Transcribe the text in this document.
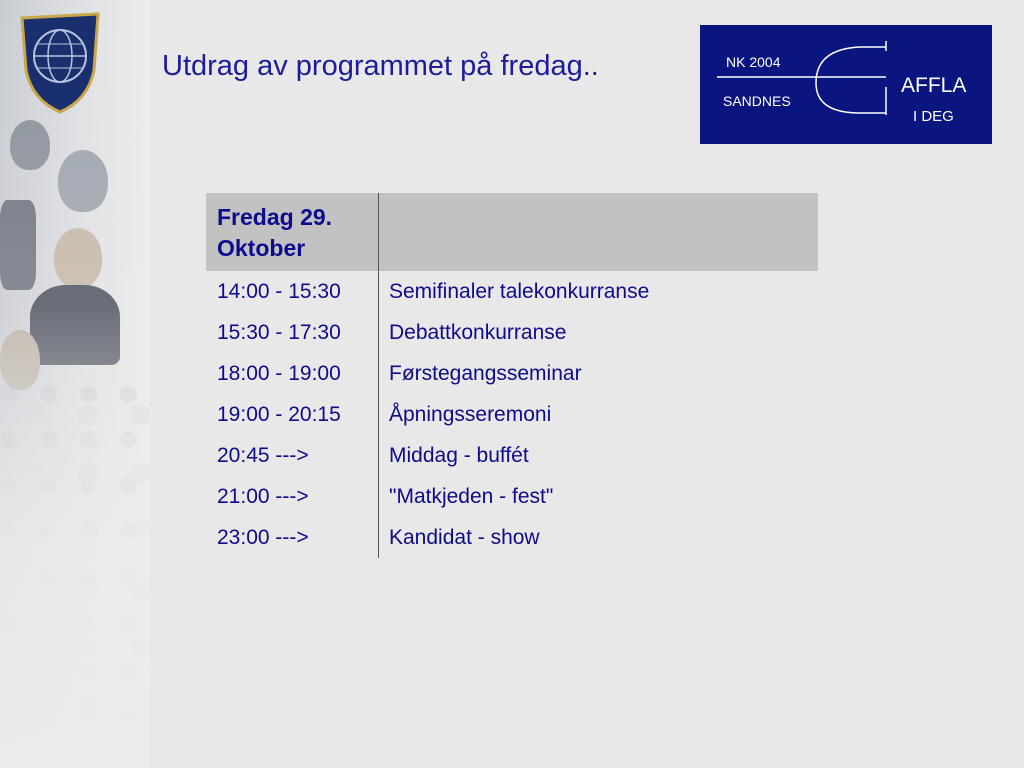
Utdrag av programmet på fredag..	NK 2004
SANDNES
AFFLA
I DEG
Fredag 29. Oktober
14:00 - 15:30	Semifinaler talekonkurranse
15:30 - 17:30	Debattkonkurranse
18:00 - 19:00	Førstegangsseminar
19:00 - 20:15	Åpningsseremoni
20:45 --->	Middag - buffét
21:00 --->	"Matkjeden - fest"
23:00 --->	Kandidat - show
